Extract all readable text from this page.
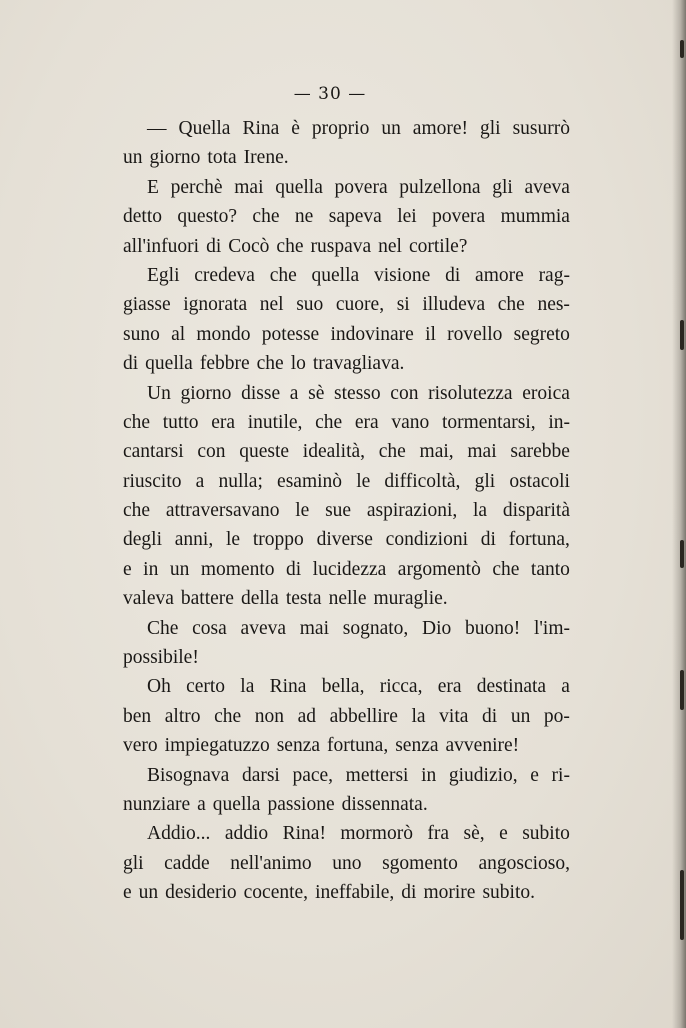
— 30 —
— Quella Rina è proprio un amore! gli susurrò
un giorno tota Irene.
E perchè mai quella povera pulzellona gli aveva
detto questo? che ne sapeva lei povera mummia
all'infuori di Cocò che ruspava nel cortile?
Egli credeva che quella visione di amore rag-
giasse ignorata nel suo cuore, si illudeva che nes-
suno al mondo potesse indovinare il rovello segreto
di quella febbre che lo travagliava.
Un giorno disse a sè stesso con risolutezza eroica
che tutto era inutile, che era vano tormentarsi, in-
cantarsi con queste idealità, che mai, mai sarebbe
riuscito a nulla; esaminò le difficoltà, gli ostacoli
che attraversavano le sue aspirazioni, la disparità
degli anni, le troppo diverse condizioni di fortuna,
e in un momento di lucidezza argomentò che tanto
valeva battere della testa nelle muraglie.
Che cosa aveva mai sognato, Dio buono! l'im-
possibile!
Oh certo la Rina bella, ricca, era destinata a
ben altro che non ad abbellire la vita di un po-
vero impiegatuzzo senza fortuna, senza avvenire!
Bisognava darsi pace, mettersi in giudizio, e ri-
nunziare a quella passione dissennata.
Addio... addio Rina! mormorò fra sè, e subito
gli cadde nell'animo uno sgomento angoscioso,
e un desiderio cocente, ineffabile, di morire subito.
